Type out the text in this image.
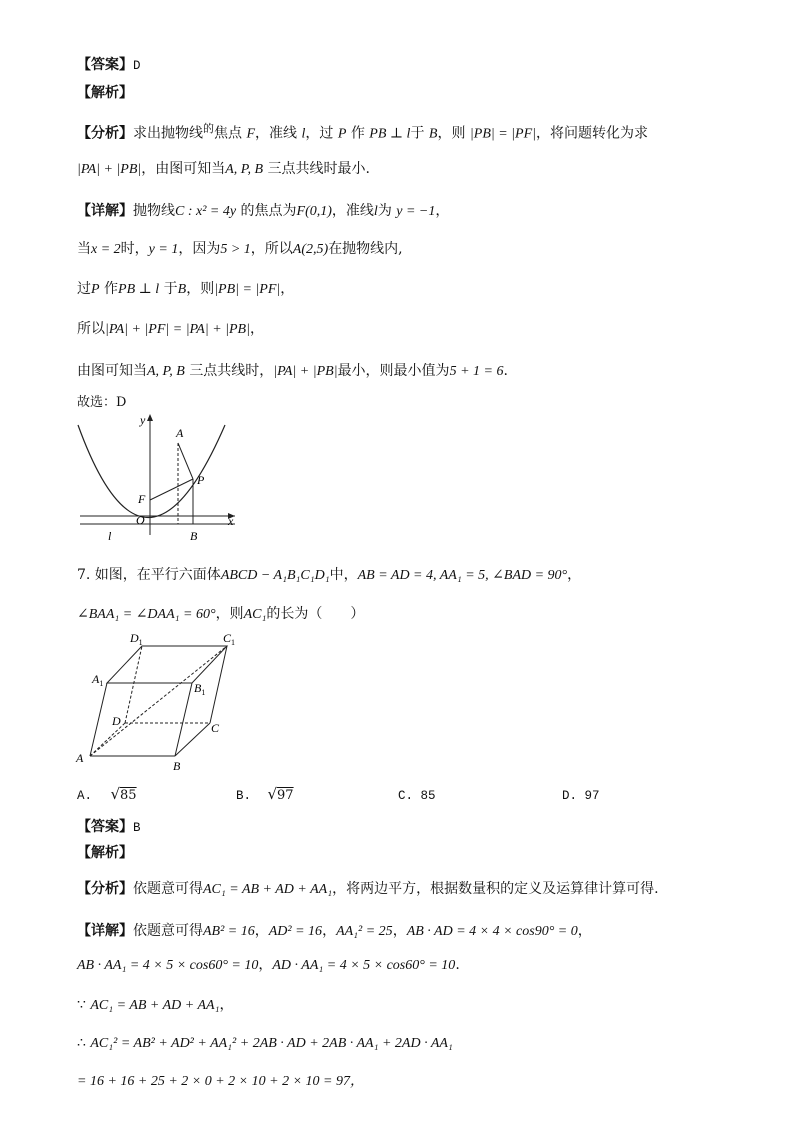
【答案】D
【解析】
【分析】求出抛物线$^的$焦点 F，准线 l，过 P 作 PB ⊥ l于 B，则 |PB| = |PF|，将问题转化为求
|PA| + |PB|，由图可知当A, P, B 三点共线时最小.
【详解】抛物线C : x² = 4y 的焦点为F(0,1)，准线l为 y = −1，
当x = 2时，y = 1，因为5 > 1，所以A(2,5)在抛物线内,
过P 作PB ⊥ l 于B，则|PB| = |PF|，
所以|PA| + |PF| = |PA| + |PB|，
由图可知当A, P, B 三点共线时，|PA| + |PB|最小，则最小值为5 + 1 = 6.
故选：D
y
A
P
F
O	x
l	B
7. 如图，在平行六面体ABCD − A₁B₁C₁D₁中，AB = AD = 4, AA₁ = 5, ∠BAD = 90°，
∠BAA₁ = ∠DAA₁ = 60°，则AC₁的长为（　　）
$D_1$	$C_1$
$A_1$	$B_1$
D	C
A
B
A. √85	B. √97	C. 85	D. 97
【答案】B
【解析】
【分析】依题意可得AC₁ = AB + AD + AA₁，将两边平方，根据数量积的定义及运算律计算可得.
【详解】依题意可得AB² = 16，AD² = 16，AA₁² = 25，AB · AD = 4 × 4 × cos90° = 0，
AB · AA₁ = 4 × 5 × cos60° = 10，AD · AA₁ = 4 × 5 × cos60° = 10.
∵ AC₁ = AB + AD + AA₁，
∴ AC₁² = AB² + AD² + AA₁² + 2AB · AD + 2AB · AA₁ + 2AD · AA₁
= 16 + 16 + 25 + 2 × 0 + 2 × 10 + 2 × 10 = 97，
